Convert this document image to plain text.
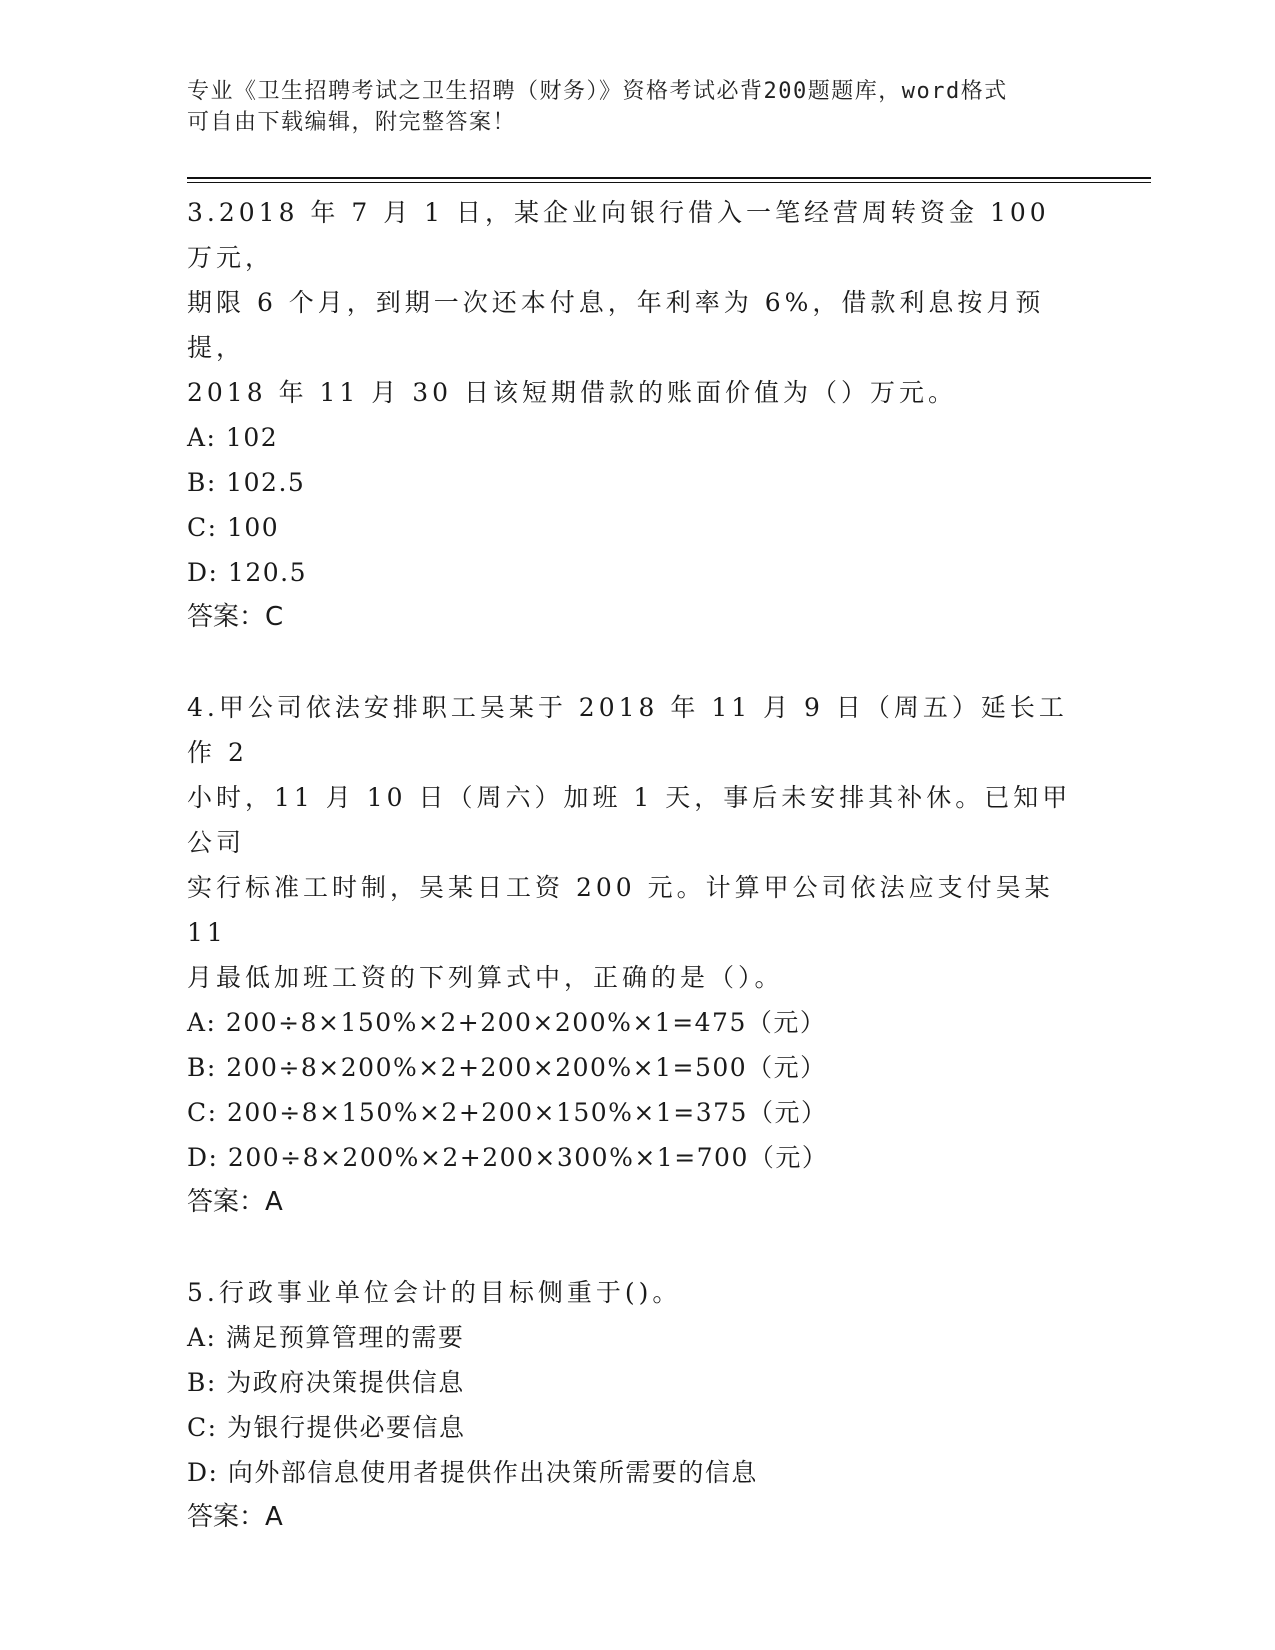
专业《卫生招聘考试之卫生招聘（财务）》资格考试必背200题题库，word格式
可自由下载编辑，附完整答案！

3.2018 年 7 月 1 日，某企业向银行借入一笔经营周转资金 100 万元，

期限 6 个月，到期一次还本付息，年利率为 6%，借款利息按月预提，

2018 年 11 月 30 日该短期借款的账面价值为（）万元。

A: 102

B: 102.5

C: 100

D: 120.5

答案：C

4.甲公司依法安排职工吴某于 2018 年 11 月 9 日（周五）延长工作 2

小时，11 月 10 日（周六）加班 1 天，事后未安排其补休。已知甲公司

实行标准工时制，吴某日工资 200 元。计算甲公司依法应支付吴某 11

月最低加班工资的下列算式中，正确的是（）。

A: 200÷8×150%×2+200×200%×1=475（元）

B: 200÷8×200%×2+200×200%×1=500（元）

C: 200÷8×150%×2+200×150%×1=375（元）

D: 200÷8×200%×2+200×300%×1=700（元）

答案：A

5.行政事业单位会计的目标侧重于()。

A: 满足预算管理的需要

B: 为政府决策提供信息

C: 为银行提供必要信息

D: 向外部信息使用者提供作出决策所需要的信息

答案：A
